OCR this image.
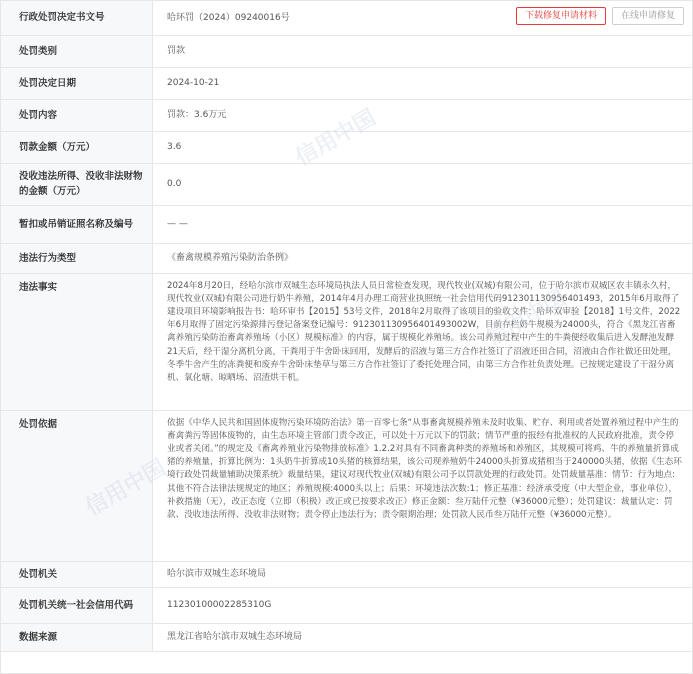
行政处罚决定书文号	哈环罚（2024）09240016号 下载修复申请材料 在线申请修复

处罚类别	罚款
处罚决定日期	2024-10-21
处罚内容	罚款：3.6万元
罚款金额（万元）	3.6
没收违法所得、没收非法财物的金额（万元）	0.0
暂扣或吊销证照名称及编号	— —
违法行为类型	《畜禽规模养殖污染防治条例》
违法事实	2024年8月20日，经哈尔滨市双城生态环境局执法人员日常检查发现，现代牧业(双城)有限公司，位于哈尔滨市双城区农丰镇永久村，现代牧业(双城)有限公司进行奶牛养殖，2014年4月办理工商营业执照统一社会信用代码912301130956401493，2015年6月取得了建设项目环境影响报告书：哈环审书【2015】53号文件，2018年2月取得了该项目的验收文件：哈环双审验【2018】1号文件，2022年6月取得了固定污染源排污登记备案登记编号：912301130956401493002W，目前存栏奶牛规模为24000头，符合《黑龙江省畜禽养殖污染防治畜禽养殖场（小区）规模标准》的内容，属于规模化养殖场。该公司养殖过程中产生的牛粪便经收集后进入发酵池发酵21天后，经干湿分离机分离，干粪用于牛舍卧床回用，发酵后的沼液与第三方合作社签订了沼液还田合同，沼液由合作社做还田处理，冬季牛舍产生的冻粪便和废弃牛舍卧床垫草与第三方合作社签订了委托处理合同，由第三方合作社负责处理。已按规定建设了干湿分离机、氧化塘、晾晒场、沼渣烘干机。
处罚依据	依据《中华人民共和国固体废物污染环境防治法》第一百零七条“从事畜禽规模养殖未及时收集、贮存、利用或者处置养殖过程中产生的畜禽粪污等固体废物的，由生态环境主管部门责令改正，可以处十万元以下的罚款；情节严重的报经有批准权的人民政府批准，责令停业或者关闭。”的规定及《畜禽养殖业污染物排放标准》1.2.2对具有不同畜禽种类的养殖场和养殖区，其规模可将鸡、牛的养殖量折算成猪的养殖量，折算比例为：1头奶牛折算成10头猪的核算结果，该公司现养殖奶牛24000头折算成猪相当于240000头猪，依据《生态环境行政处罚裁量辅助决策系统》裁量结果，建议对现代牧业(双城)有限公司予以罚款处理的行政处罚。处罚裁量基准：情节：行为地点:其他不符合法律法规规定的地区；养殖规模:4000头以上；后果：环境违法次数:1；修正基准：经济承受度（中大型企业，事业单位），补救措施（无），改正态度（立即（积极）改正或已按要求改正）修正金额：叁万陆仟元整（¥36000元整）；处罚建议：裁量认定：罚款、没收违法所得、没收非法财物；责令停止违法行为；责令限期治理；处罚款人民币叁万陆仟元整（¥36000元整）。
处罚机关	哈尔滨市双城生态环境局
处罚机关统一社会信用代码	11230100002285310G
数据来源	黑龙江省哈尔滨市双城生态环境局
信用中国
信用中国
信用中国
